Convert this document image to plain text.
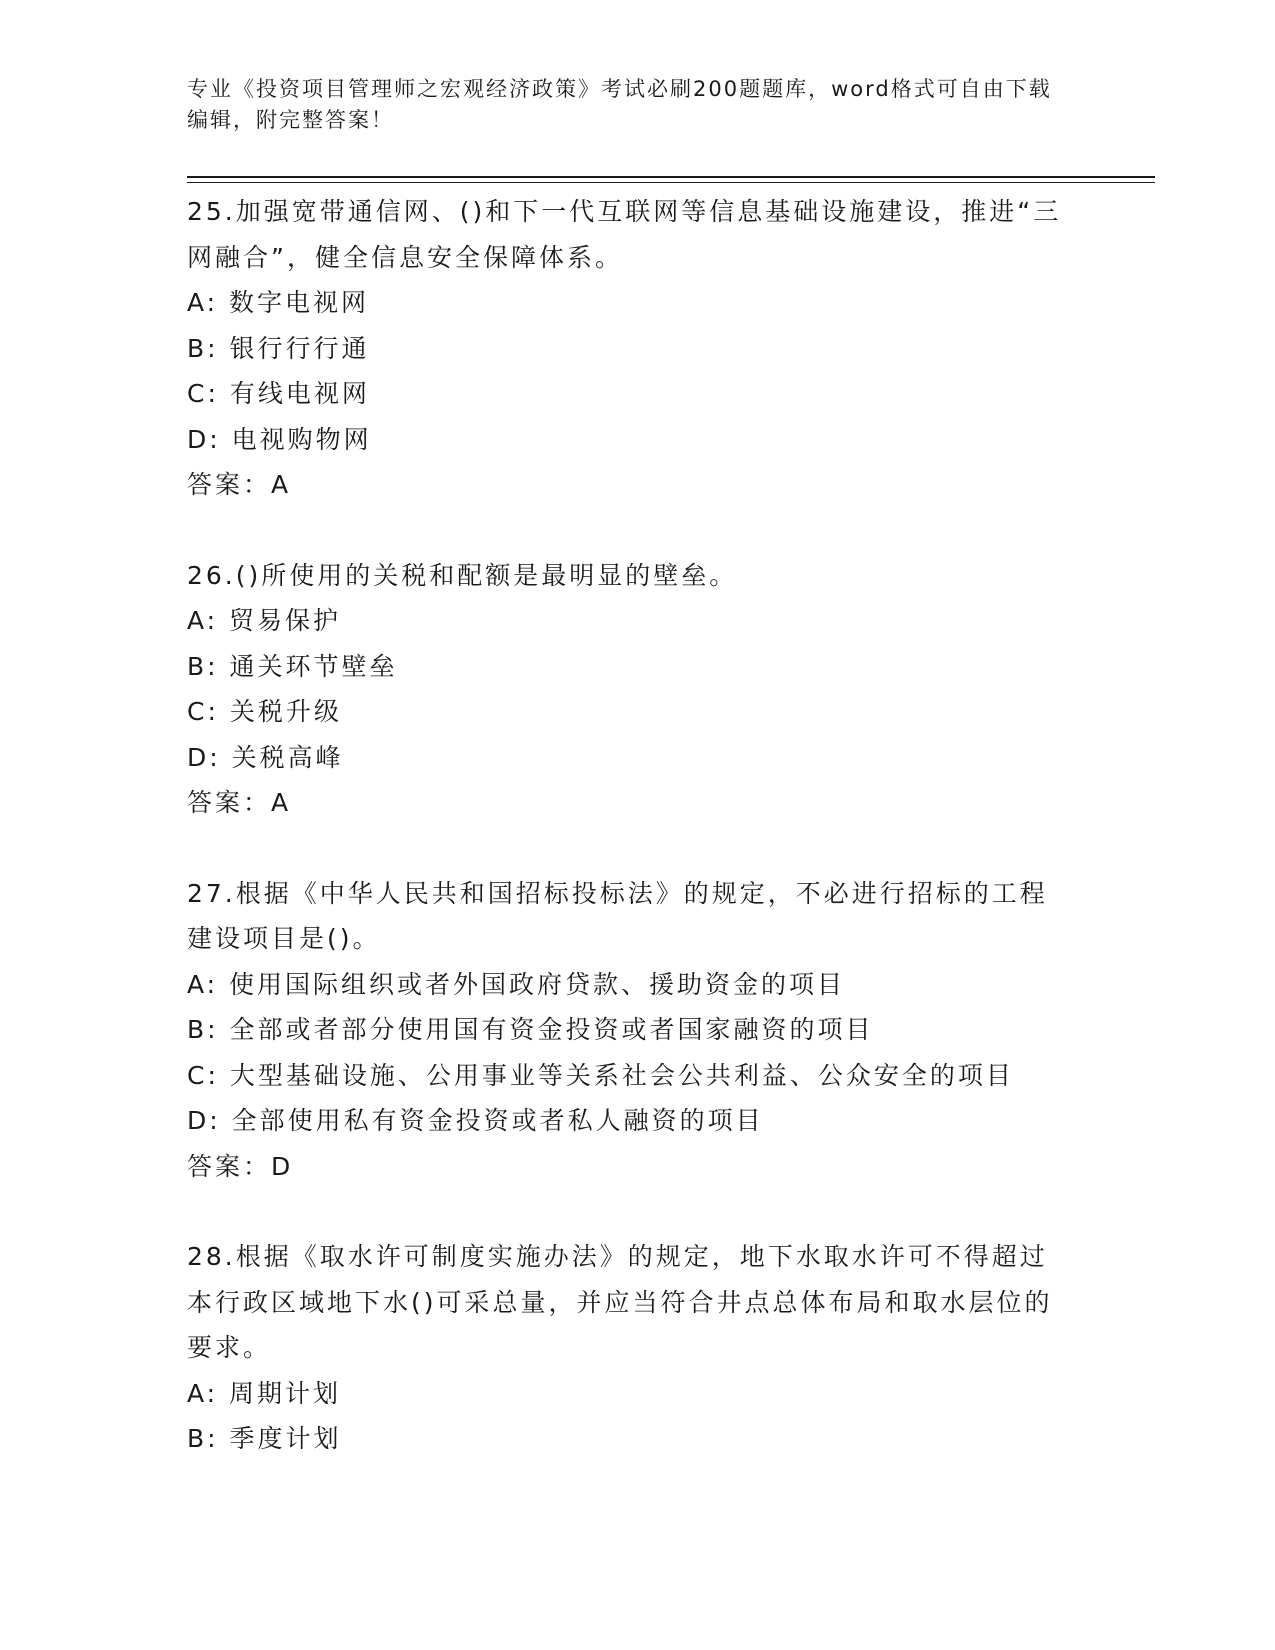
专业《投资项目管理师之宏观经济政策》考试必刷200题题库，word格式可自由下载编辑，附完整答案！
25.加强宽带通信网、()和下一代互联网等信息基础设施建设，推进“三网融合”，健全信息安全保障体系。
A: 数字电视网
B: 银行行行通
C: 有线电视网
D: 电视购物网
答案：A
26.()所使用的关税和配额是最明显的壁垒。
A: 贸易保护
B: 通关环节壁垒
C: 关税升级
D: 关税高峰
答案：A
27.根据《中华人民共和国招标投标法》的规定，不必进行招标的工程建设项目是()。
A: 使用国际组织或者外国政府贷款、援助资金的项目
B: 全部或者部分使用国有资金投资或者国家融资的项目
C: 大型基础设施、公用事业等关系社会公共利益、公众安全的项目
D: 全部使用私有资金投资或者私人融资的项目
答案：D
28.根据《取水许可制度实施办法》的规定，地下水取水许可不得超过本行政区域地下水()可采总量，并应当符合井点总体布局和取水层位的要求。
A: 周期计划
B: 季度计划
